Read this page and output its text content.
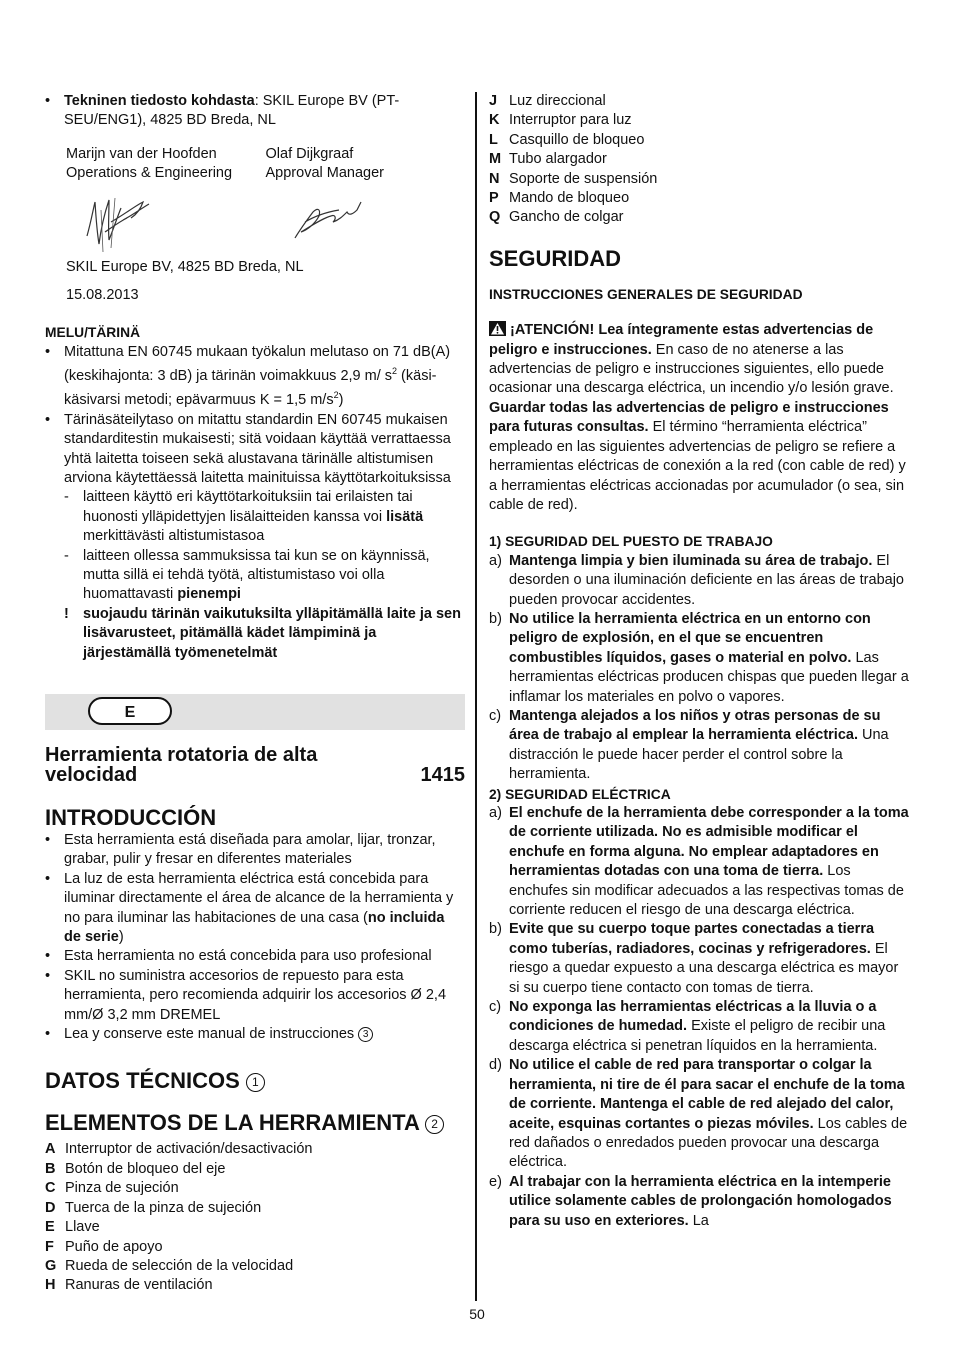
• Tekninen tiedosto kohdasta: SKIL Europe BV (PT-SEU/ENG1), 4825 BD Breda, NL

Marijn van der Hoofden
Operations & Engineering
Olaf Dijkgraaf
Approval Manager

SKIL Europe BV, 4825 BD Breda, NL

15.08.2013

MELU/TÄRINÄ

• Mitattuna EN 60745 mukaan työkalun melutaso on 71 dB(A) (keskihajonta: 3 dB) ja tärinän voimakkuus 2,9 m/ $s^2$ (käsi-käsivarsi metodi; epävarmuus K = 1,5 $m/s^2$)

• Tärinäsäteilytaso on mitattu standardin EN 60745 mukaisen standarditestin mukaisesti; sitä voidaan käyttää verrattaessa yhtä laitetta toiseen sekä alustavana tärinälle altistumisen arviona käytettäessä laitetta mainituissa käyttötarkoituksissa

- laitteen käyttö eri käyttötarkoituksiin tai erilaisten tai huonosti ylläpidettyjen lisälaitteiden kanssa voi lisätä merkittävästi altistumistasoa

- laitteen ollessa sammuksissa tai kun se on käynnissä, mutta sillä ei tehdä työtä, altistumistaso voi olla huomattavasti pienempi

! suojaudu tärinän vaikutuksilta ylläpitämällä laite ja sen lisävarusteet, pitämällä kädet lämpiminä ja järjestämällä työmenetelmät

E
Herramienta rotatoria de alta velocidad	1415
INTRODUCCIÓN

• Esta herramienta está diseñada para amolar, lijar, tronzar, grabar, pulir y fresar en diferentes materiales

• La luz de esta herramienta eléctrica está concebida para iluminar directamente el área de alcance de la herramienta y no para iluminar las habitaciones de una casa (no incluida de serie)

• Esta herramienta no está concebida para uso profesional

• SKIL no suministra accesorios de repuesto para esta herramienta, pero recomienda adquirir los accesorios Ø 2,4 mm/Ø 3,2 mm DREMEL

• Lea y conserve este manual de instrucciones 3

DATOS TÉCNICOS 1
ELEMENTOS DE LA HERRAMIENTA 2
A Interruptor de activación/desactivación
B Botón de bloqueo del eje
C Pinza de sujeción
D Tuerca de la pinza de sujeción
E Llave
F Puño de apoyo
G Rueda de selección de la velocidad
H Ranuras de ventilación
J Luz direccional
K Interruptor para luz
L Casquillo de bloqueo
M Tubo alargador
N Soporte de suspensión
P Mando de bloqueo
Q Gancho de colgar
SEGURIDAD

INSTRUCCIONES GENERALES DE SEGURIDAD

¡ATENCIÓN! Lea íntegramente estas advertencias de peligro e instrucciones. En caso de no atenerse a las advertencias de peligro e instrucciones siguientes, ello puede ocasionar una descarga eléctrica, un incendio y/o lesión grave. Guardar todas las advertencias de peligro e instrucciones para futuras consultas. El término “herramienta eléctrica” empleado en las siguientes advertencias de peligro se refiere a herramientas eléctricas de conexión a la red (con cable de red) y a herramientas eléctricas accionadas por acumulador (o sea, sin cable de red).

1) SEGURIDAD DEL PUESTO DE TRABAJO

a) Mantenga limpia y bien iluminada su área de trabajo. El desorden o una iluminación deficiente en las áreas de trabajo pueden provocar accidentes.

b) No utilice la herramienta eléctrica en un entorno con peligro de explosión, en el que se encuentren combustibles líquidos, gases o material en polvo. Las herramientas eléctricas producen chispas que pueden llegar a inflamar los materiales en polvo o vapores.

c) Mantenga alejados a los niños y otras personas de su área de trabajo al emplear la herramienta eléctrica. Una distracción le puede hacer perder el control sobre la herramienta.

2) SEGURIDAD ELÉCTRICA

a) El enchufe de la herramienta debe corresponder a la toma de corriente utilizada. No es admisible modificar el enchufe en forma alguna. No emplear adaptadores en herramientas dotadas con una toma de tierra. Los enchufes sin modificar adecuados a las respectivas tomas de corriente reducen el riesgo de una descarga eléctrica.

b) Evite que su cuerpo toque partes conectadas a tierra como tuberías, radiadores, cocinas y refrigeradores. El riesgo a quedar expuesto a una descarga eléctrica es mayor si su cuerpo tiene contacto con tomas de tierra.

c) No exponga las herramientas eléctricas a la lluvia o a condiciones de humedad. Existe el peligro de recibir una descarga eléctrica si penetran líquidos en la herramienta.

d) No utilice el cable de red para transportar o colgar la herramienta, ni tire de él para sacar el enchufe de la toma de corriente. Mantenga el cable de red alejado del calor, aceite, esquinas cortantes o piezas móviles. Los cables de red dañados o enredados pueden provocar una descarga eléctrica.

e) Al trabajar con la herramienta eléctrica en la intemperie utilice solamente cables de prolongación homologados para su uso en exteriores. La

50
